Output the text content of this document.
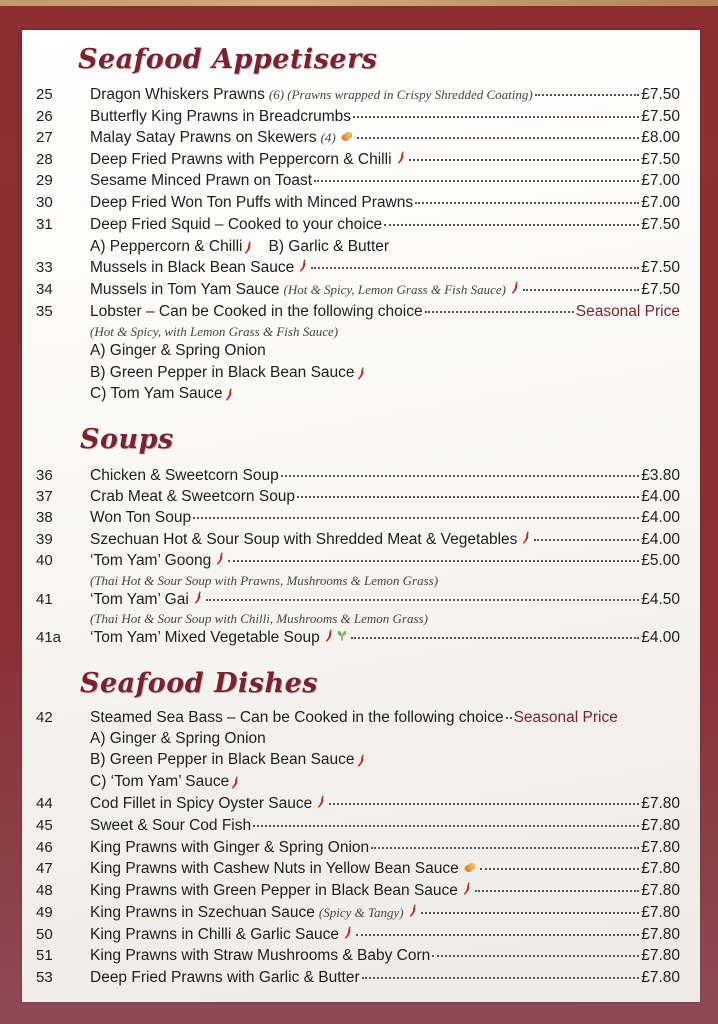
Seafood Appetisers
25	Dragon Whiskers Prawns (6) (Prawns wrapped in Crispy Shredded Coating)	£7.50
26	Butterfly King Prawns in Breadcrumbs	£7.50
27	Malay Satay Prawns on Skewers (4)	£8.00
28	Deep Fried Prawns with Peppercorn & Chilli	£7.50
29	Sesame Minced Prawn on Toast	£7.00
30	Deep Fried Won Ton Puffs with Minced Prawns	£7.00
31	Deep Fried Squid – Cooked to your choice	£7.50
A) Peppercorn & Chilli B) Garlic & Butter
33	Mussels in Black Bean Sauce	£7.50
34	Mussels in Tom Yam Sauce (Hot & Spicy, Lemon Grass & Fish Sauce)	£7.50
35	Lobster – Can be Cooked in the following choice	Seasonal Price
(Hot & Spicy, with Lemon Grass & Fish Sauce)
A) Ginger & Spring Onion
B) Green Pepper in Black Bean Sauce
C) Tom Yam Sauce
Soups
36	Chicken & Sweetcorn Soup	£3.80
37	Crab Meat & Sweetcorn Soup	£4.00
38	Won Ton Soup	£4.00
39	Szechuan Hot & Sour Soup with Shredded Meat & Vegetables	£4.00
40	‘Tom Yam’ Goong	£5.00
(Thai Hot & Sour Soup with Prawns, Mushrooms & Lemon Grass)
41	‘Tom Yam’ Gai	£4.50
(Thai Hot & Sour Soup with Chilli, Mushrooms & Lemon Grass)
41a	‘Tom Yam’ Mixed Vegetable Soup	£4.00
Seafood Dishes
42	Steamed Sea Bass – Can be Cooked in the following choice Seasonal Price
A) Ginger & Spring Onion
B) Green Pepper in Black Bean Sauce
C) ‘Tom Yam’ Sauce
44	Cod Fillet in Spicy Oyster Sauce	£7.80
45	Sweet & Sour Cod Fish	£7.80
46	King Prawns with Ginger & Spring Onion	£7.80
47	King Prawns with Cashew Nuts in Yellow Bean Sauce	£7.80
48	King Prawns with Green Pepper in Black Bean Sauce	£7.80
49	King Prawns in Szechuan Sauce (Spicy & Tangy)	£7.80
50	King Prawns in Chilli & Garlic Sauce	£7.80
51	King Prawns with Straw Mushrooms & Baby Corn	£7.80
53	Deep Fried Prawns with Garlic & Butter	£7.80
